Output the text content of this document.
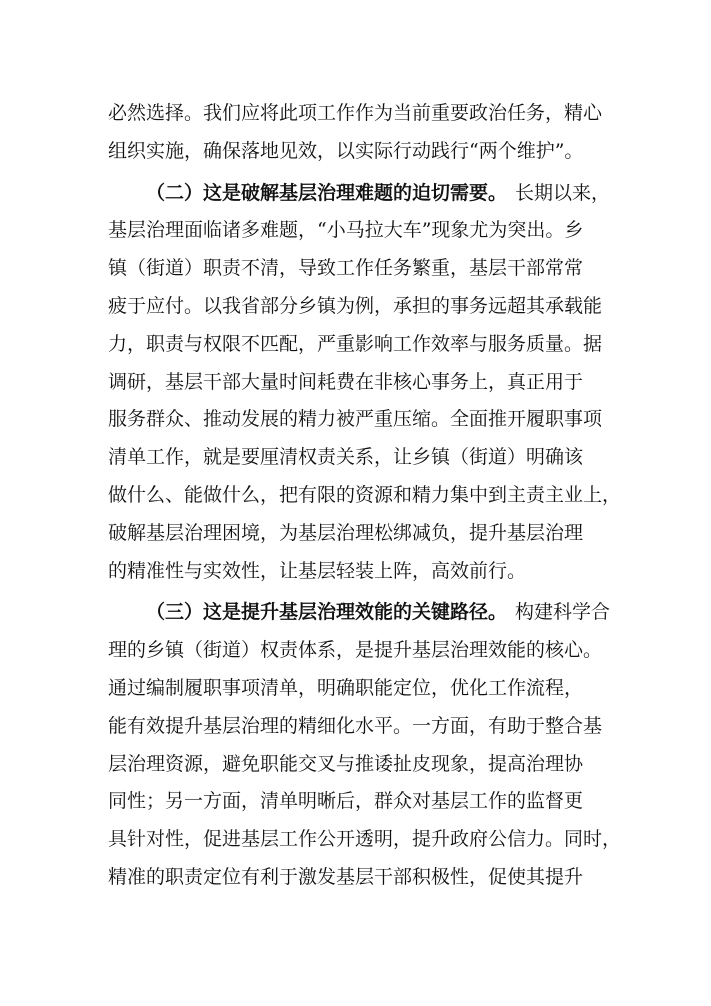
必然选择。我们应将此项工作作为当前重要政治任务，精心
组织实施，确保落地见效，以实际行动践行“两个维护”。
（二）这是破解基层治理难题的迫切需要。 长期以来，
基层治理面临诸多难题，“小马拉大车”现象尤为突出。乡
镇（街道）职责不清，导致工作任务繁重，基层干部常常
疲于应付。以我省部分乡镇为例，承担的事务远超其承载能
力，职责与权限不匹配，严重影响工作效率与服务质量。据
调研，基层干部大量时间耗费在非核心事务上，真正用于
服务群众、推动发展的精力被严重压缩。全面推开履职事项
清单工作，就是要厘清权责关系，让乡镇（街道）明确该
做什么、能做什么，把有限的资源和精力集中到主责主业上，
破解基层治理困境，为基层治理松绑减负，提升基层治理
的精准性与实效性，让基层轻装上阵，高效前行。
（三）这是提升基层治理效能的关键路径。 构建科学合
理的乡镇（街道）权责体系，是提升基层治理效能的核心。
通过编制履职事项清单，明确职能定位，优化工作流程，
能有效提升基层治理的精细化水平。一方面，有助于整合基
层治理资源，避免职能交叉与推诿扯皮现象，提高治理协
同性；另一方面，清单明晰后，群众对基层工作的监督更
具针对性，促进基层工作公开透明，提升政府公信力。同时，
精准的职责定位有利于激发基层干部积极性，促使其提升
